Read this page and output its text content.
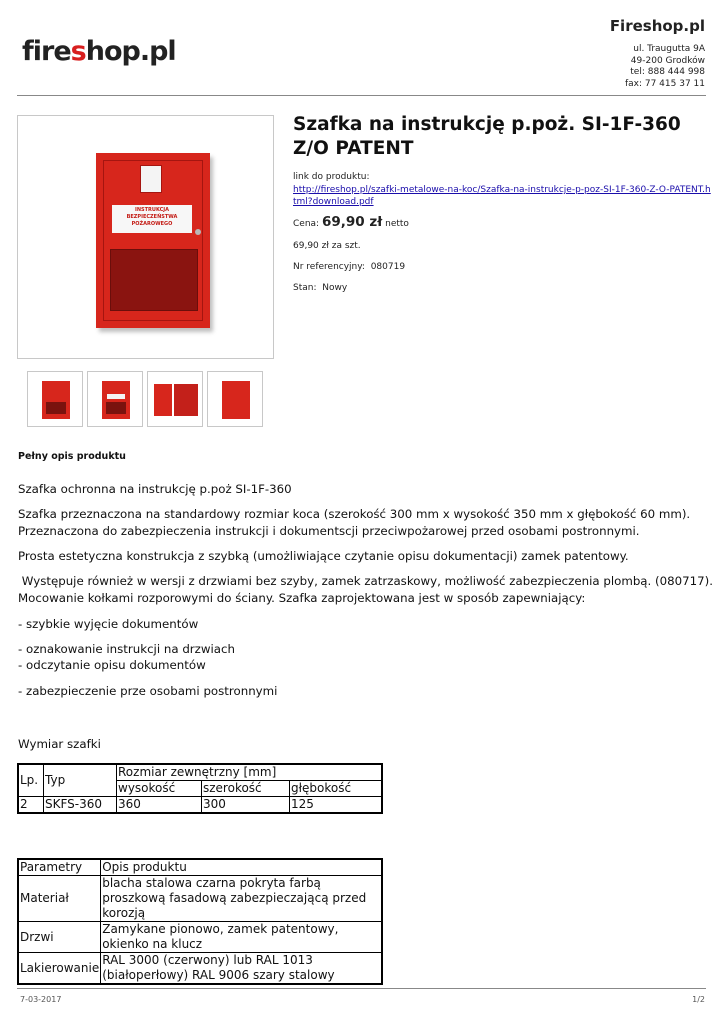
fireshop.pl
Fireshop.pl
ul. Traugutta 9A
49-200 Grodków
tel: 888 444 998
fax: 77 415 37 11
INSTRUKCJA BEZPIECZEŃSTWA POŻAROWEGO
Szafka na instrukcję p.poż. SI-1F-360 Z/O PATENT
link do produktu:
http://fireshop.pl/szafki-metalowe-na-koc/Szafka-na-instrukcje-p-poz-SI-1F-360-Z-O-PATENT.html?download.pdf
Cena: 69,90 zł netto
69,90 zł za szt.
Nr referencyjny: 080719
Stan: Nowy
Pełny opis produktu
Szafka ochronna na instrukcję p.poż SI-1F-360
Szafka przeznaczona na standardowy rozmiar koca (szerokość 300 mm x wysokość 350 mm x głębokość 60 mm).
Przeznaczona do zabezpieczenia instrukcji i dokumentscji przeciwpożarowej przed osobami postronnymi.
Prosta estetyczna konstrukcja z szybką (umożliwiające czytanie opisu dokumentacji) zamek patentowy.
Występuje również w wersji z drzwiami bez szyby, zamek zatrzaskowy, możliwość zabezpieczenia plombą. (080717).
Mocowanie kołkami rozporowymi do ściany. Szafka zaprojektowana jest w sposób zapewniający:
- szybkie wyjęcie dokumentów
- oznakowanie instrukcji na drzwiach
- odczytanie opisu dokumentów
- zabezpieczenie prze osobami postronnymi
Wymiar szafki
Lp.	Typ	Rozmiar zewnętrzny [mm]		
		wysokość	szerokość	głębokość
2	SKFS-360	360	300	125
Parametry	Opis produktu
Materiał	blacha stalowa czarna pokryta farbą proszkową fasadową zabezpieczającą przed korozją
Drzwi	Zamykane pionowo, zamek patentowy, okienko na klucz
Lakierowanie	RAL 3000 (czerwony) lub RAL 1013 (białoperłowy) RAL 9006 szary stalowy
7-03-2017	1/2
